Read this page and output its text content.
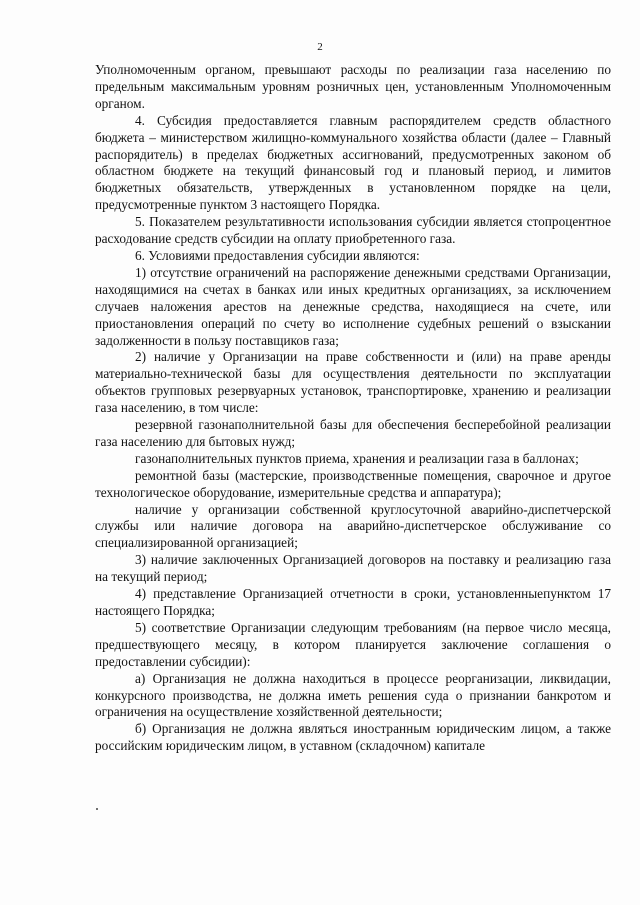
2

Уполномоченным органом, превышают расходы по реализации газа населению по предельным максимальным уровням розничных цен, установленным Уполномоченным органом.

4. Субсидия предоставляется главным распорядителем средств областного бюджета – министерством жилищно-коммунального хозяйства области (далее – Главный распорядитель) в пределах бюджетных ассигнований, предусмотренных законом об областном бюджете на текущий финансовый год и плановый период, и лимитов бюджетных обязательств, утвержденных в установленном порядке на цели, предусмотренные пунктом 3 настоящего Порядка.

5. Показателем результативности использования субсидии является стопроцентное расходование средств субсидии на оплату приобретенного газа.

6. Условиями предоставления субсидии являются:

1) отсутствие ограничений на распоряжение денежными средствами Организации, находящимися на счетах в банках или иных кредитных организациях, за исключением случаев наложения арестов на денежные средства, находящиеся на счете, или приостановления операций по счету во исполнение судебных решений о взыскании задолженности в пользу поставщиков газа;

2) наличие у Организации на праве собственности и (или) на праве аренды материально-технической базы для осуществления деятельности по эксплуатации объектов групповых резервуарных установок, транспортировке, хранению и реализации газа населению, в том числе:

резервной газонаполнительной базы для обеспечения бесперебойной реализации газа населению для бытовых нужд;

газонаполнительных пунктов приема, хранения и реализации газа в баллонах;

ремонтной базы (мастерские, производственные помещения, сварочное и другое технологическое оборудование, измерительные средства и аппаратура);

наличие у организации собственной круглосуточной аварийно-диспетчерской службы или наличие договора на аварийно-диспетчерское обслуживание со специализированной организацией;

3) наличие заключенных Организацией договоров на поставку и реализацию газа на текущий период;

4) представление Организацией отчетности в сроки, установленныепунктом 17 настоящего Порядка;

5) соответствие Организации следующим требованиям (на первое число месяца, предшествующего месяцу, в котором планируется заключение соглашения о предоставлении субсидии):

а) Организация не должна находиться в процессе реорганизации, ликвидации, конкурсного производства, не должна иметь решения суда о признании банкротом и ограничения на осуществление хозяйственной деятельности;

б) Организация не должна являться иностранным юридическим лицом, а также российским юридическим лицом, в уставном (складочном) капитале
